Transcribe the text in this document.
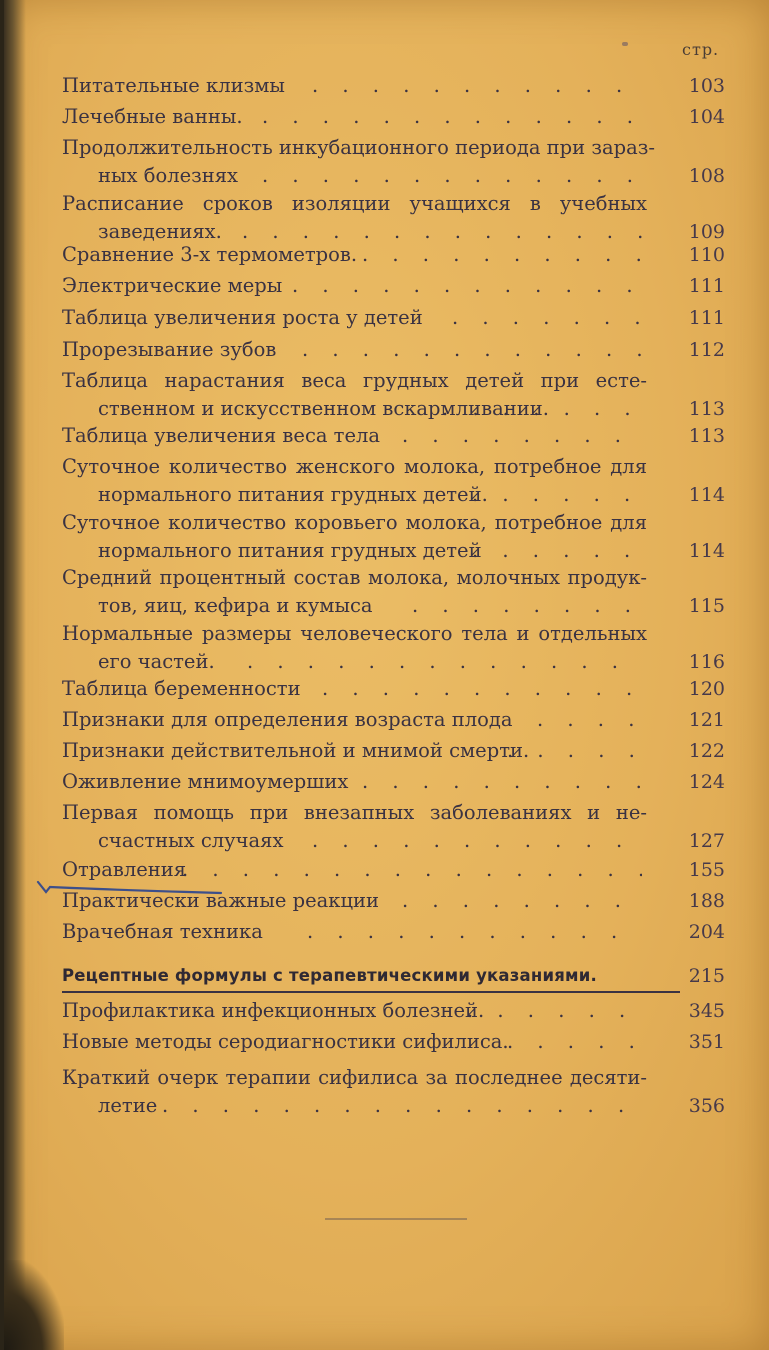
стр.
Питательные клизмы . . .	103
Лечебные ванны. . . .	104
Продолжительность инкубационного периода при зараз-
ных болезнях . . .	108
Расписание сроков изоляции учащихся в учебных
заведениях. . . .	109
Сравнение 3-х термометров. . . .	110
Электрические меры . . .	111
Таблица увеличения роста у детей . . .	111
Прорезывание зубов . . .	112
Таблица нарастания веса грудных детей при есте-
ственном и искусственном вскармливании. . . .	113
Таблица увеличения веса тела . . .	113
Суточное количество женского молока, потребное для
нормального питания грудных детей. . . .	114
Суточное количество коровьего молока, потребное для
нормального питания грудных детей . . .	114
Средний процентный состав молока, молочных продук-
тов, яиц, кефира и кумыса . . .	115
Нормальные размеры человеческого тела и отдельных
его частей. . . .	116
Таблица беременности . . .	120
Признаки для определения возраста плода . . .	121
Признаки действительной и мнимой смерти. . . .	122
Оживление мнимоумерших . . .	124
Первая помощь при внезапных заболеваниях и не-
счастных случаях . . .	127
Отравления . . .	155
Практически важные реакции . . .	188
Врачебная техника . . .	204
Профилактика инфекционных болезней. . . .	345
Новые методы серодиагностики сифилиса. . . .	351
Краткий очерк терапии сифилиса за последнее десяти-
летие . . .	356
Рецептные формулы с терапевтическими указаниями.	215
